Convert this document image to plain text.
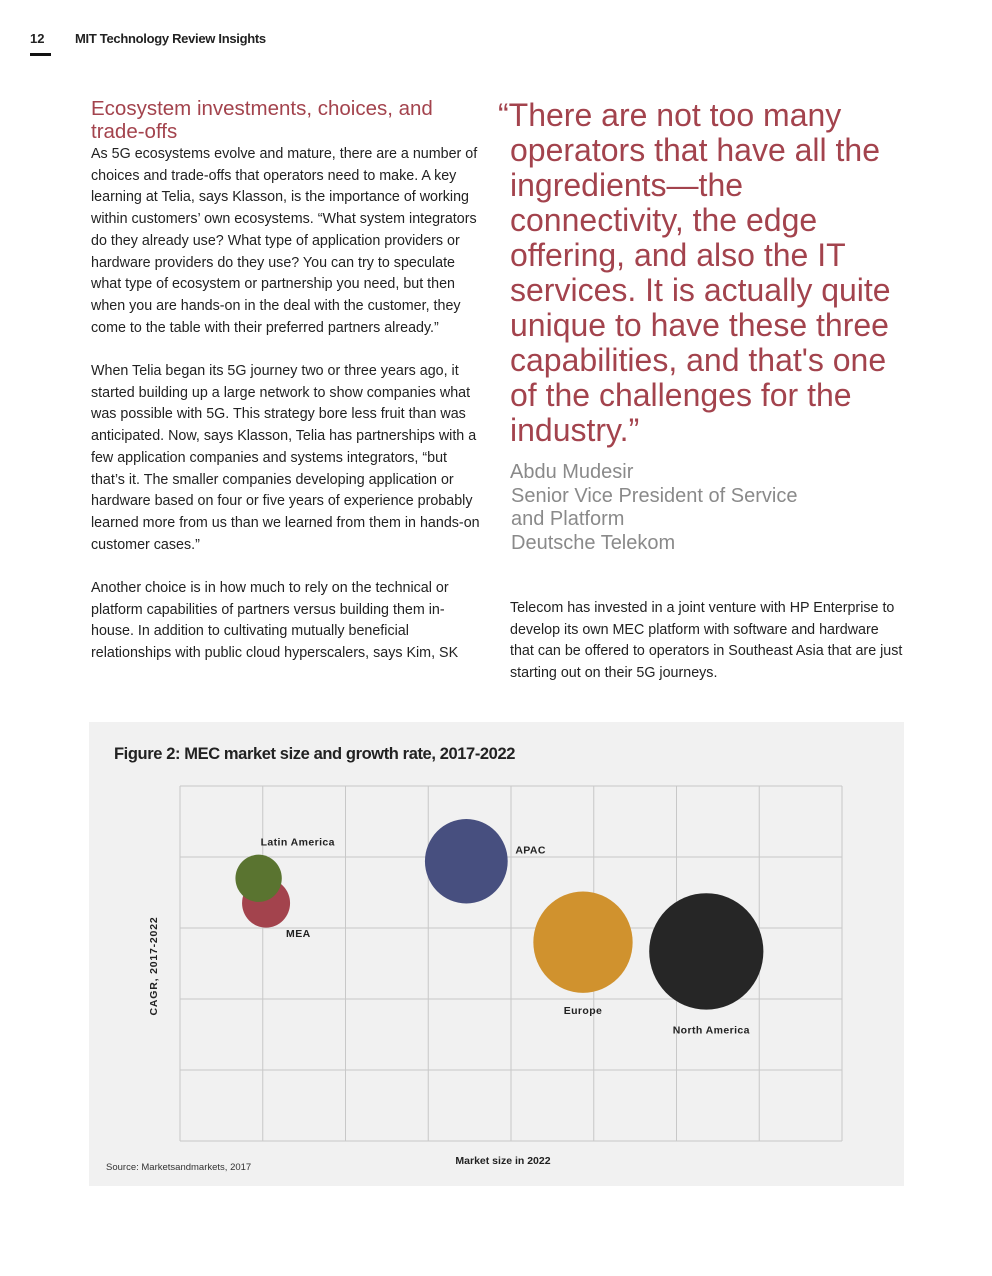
12 MIT Technology Review Insights
Ecosystem investments, choices, and trade-offs

As 5G ecosystems evolve and mature, there are a number of choices and trade-offs that operators need to make. A key learning at Telia, says Klasson, is the importance of working within customers’ own ecosystems. “What system integrators do they already use? What type of application providers or hardware providers do they use? You can try to speculate what type of ecosystem or partnership you need, but then when you are hands-on in the deal with the customer, they come to the table with their preferred partners already.”

When Telia began its 5G journey two or three years ago, it started building up a large network to show companies what was possible with 5G. This strategy bore less fruit than was anticipated. Now, says Klasson, Telia has partnerships with a few application companies and systems integrators, “but that’s it. The smaller companies developing application or hardware based on four or five years of experience probably learned more from us than we learned from them in hands-on customer cases.”

Another choice is in how much to rely on the technical or platform capabilities of partners versus building them in-house. In addition to cultivating mutually beneficial relationships with public cloud hyperscalers, says Kim, SK

“There are not too many operators that have all the ingredients—the connectivity, the edge offering, and also the IT services. It is actually quite unique to have these three capabilities, and that's one of the challenges for the industry.”
Abdu Mudesir
Senior Vice President of Service
and Platform
Deutsche Telekom

Telecom has invested in a joint venture with HP Enterprise to develop its own MEC platform with software and hardware that can be offered to operators in Southeast Asia that are just starting out on their 5G journeys.

Figure 2: MEC market size and growth rate, 2017-2022
Latin America
MEA
APAC
Europe
North America
Market size in 2022
CAGR, 2017-2022
Source: Marketsandmarkets, 2017
